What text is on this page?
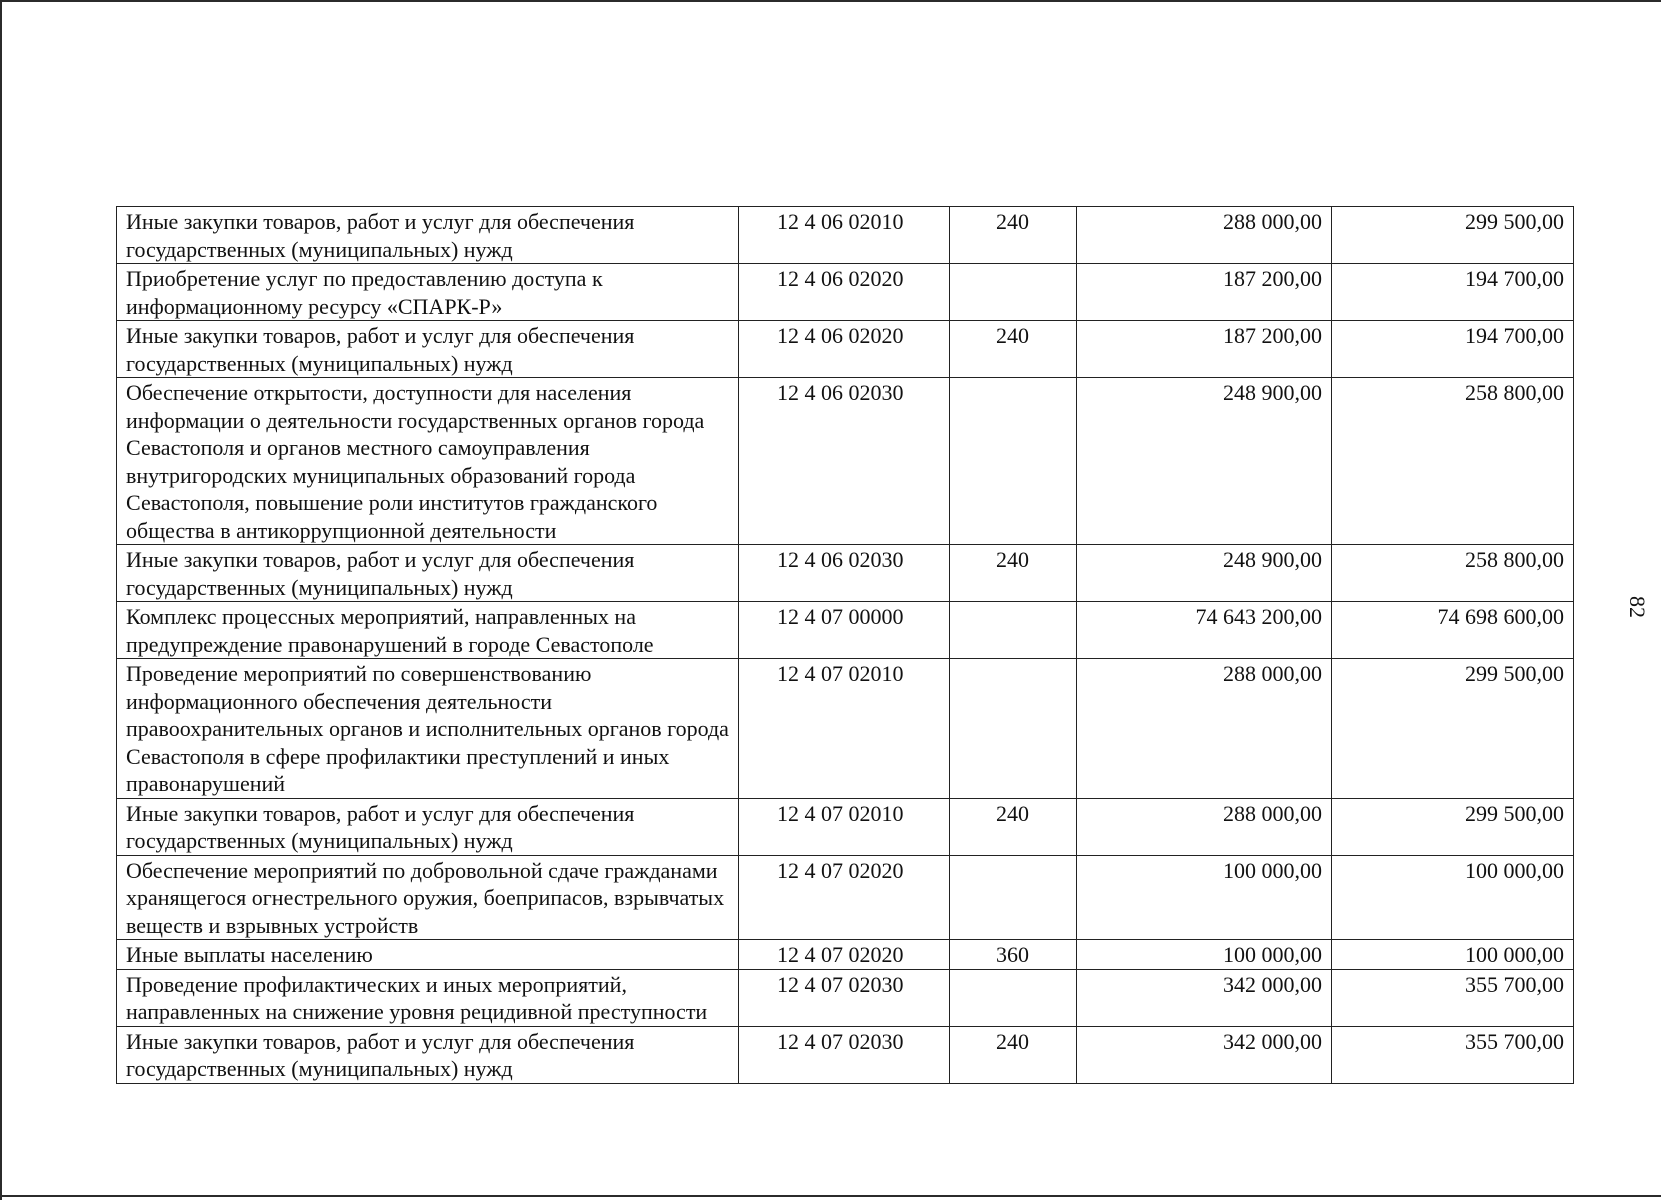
Иные закупки товаров, работ и услуг для обеспечения государственных (муниципальных) нужд	12 4 06 02010	240	288 000,00	299 500,00
Приобретение услуг по предоставлению доступа к информационному ресурсу «СПАРК-Р»	12 4 06 02020		187 200,00	194 700,00
Иные закупки товаров, работ и услуг для обеспечения государственных (муниципальных) нужд	12 4 06 02020	240	187 200,00	194 700,00
Обеспечение открытости, доступности для населения информации о деятельности государственных органов города Севастополя и органов местного самоуправления внутригородских муниципальных образований города Севастополя, повышение роли институтов гражданского общества в антикоррупционной деятельности	12 4 06 02030		248 900,00	258 800,00
Иные закупки товаров, работ и услуг для обеспечения государственных (муниципальных) нужд	12 4 06 02030	240	248 900,00	258 800,00
Комплекс процессных мероприятий, направленных на предупреждение правонарушений в городе Севастополе	12 4 07 00000		74 643 200,00	74 698 600,00
Проведение мероприятий по совершенствованию информационного обеспечения деятельности правоохранительных органов и исполнительных органов города Севастополя в сфере профилактики преступлений и иных правонарушений	12 4 07 02010		288 000,00	299 500,00
Иные закупки товаров, работ и услуг для обеспечения государственных (муниципальных) нужд	12 4 07 02010	240	288 000,00	299 500,00
Обеспечение мероприятий по добровольной сдаче гражданами хранящегося огнестрельного оружия, боеприпасов, взрывчатых веществ и взрывных устройств	12 4 07 02020		100 000,00	100 000,00
Иные выплаты населению	12 4 07 02020	360	100 000,00	100 000,00
Проведение профилактических и иных мероприятий, направленных на снижение уровня рецидивной преступности	12 4 07 02030		342 000,00	355 700,00
Иные закупки товаров, работ и услуг для обеспечения государственных (муниципальных) нужд	12 4 07 02030	240	342 000,00	355 700,00
82
